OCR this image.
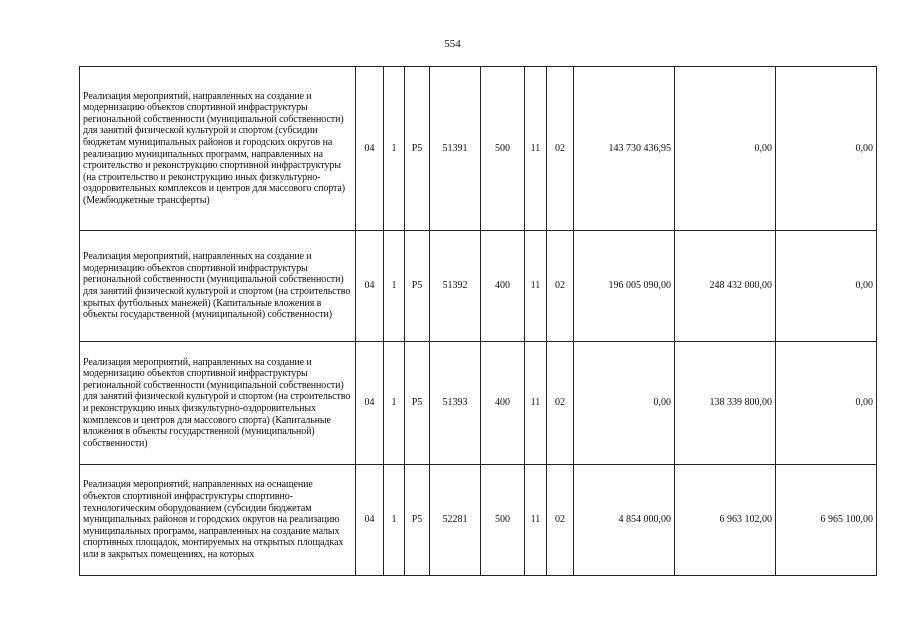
554
Реализация мероприятий, направленных на создание и модернизацию объектов спортивной инфраструктуры региональной собственности (муниципальной собственности) для занятий физической культурой и спортом (субсидии бюджетам муниципальных районов и городских округов на реализацию муниципальных программ, направленных на строительство и реконструкцию спортивной инфраструктуры (на строительство и реконструкцию иных физкультурно-оздоровительных комплексов и центров для массового спорта) (Межбюджетные трансферты)	04	1	P5	51391	500	11	02	143 730 436,95	0,00	0,00
Реализация мероприятий, направленных на создание и модернизацию объектов спортивной инфраструктуры региональной собственности (муниципальной собственности) для занятий физической культурой и спортом (на строительство крытых футбольных манежей) (Капитальные вложения в объекты государственной (муниципальной) собственности)	04	1	P5	51392	400	11	02	196 005 090,00	248 432 000,00	0,00
Реализация мероприятий, направленных на создание и модернизацию объектов спортивной инфраструктуры региональной собственности (муниципальной собственности) для занятий физической культурой и спортом (на строительство и реконструкцию иных физкультурно-оздоровительных комплексов и центров для массового спорта) (Капитальные вложения в объекты государственной (муниципальной) собственности)	04	1	P5	51393	400	11	02	0,00	138 339 800,00	0,00
Реализация мероприятий, направленных на оснащение объектов спортивной инфраструктуры спортивно-технологическим оборудованием (субсидии бюджетам муниципальных районов и городских округов на реализацию муниципальных программ, направленных на создание малых спортивных площадок, монтируемых на открытых площадках или в закрытых помещениях, на которых	04	1	P5	52281	500	11	02	4 854 000,00	6 963 102,00	6 965 100,00
